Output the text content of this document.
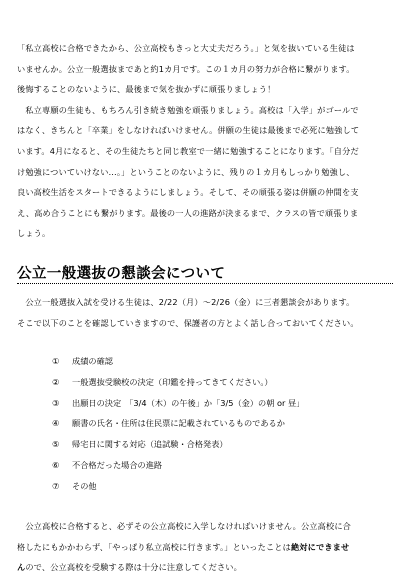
「私立高校に合格できたから、公立高校もきっと大丈夫だろう。」と気を抜いている生徒は
いませんか。公立一般選抜まであと約1カ月です。この１カ月の努力が合格に繋がります。
後悔することのないように、最後まで気を抜かずに頑張りましょう！
　私立専願の生徒も、もちろん引き続き勉強を頑張りましょう。高校は「入学」がゴールで
はなく、きちんと「卒業」をしなければいけません。併願の生徒は最後まで必死に勉強して
います。4月になると、その生徒たちと同じ教室で一緒に勉強することになります。「自分だ
け勉強についていけない…。」ということのないように、残りの１カ月もしっかり勉強し、
良い高校生活をスタートできるようにしましょう。そして、その頑張る姿は併願の仲間を支
え、高め合うことにも繋がります。最後の一人の進路が決まるまで、クラスの皆で頑張りま
しょう。
公立一般選抜の懇談会について
　公立一般選抜入試を受ける生徒は、2/22（月）～2/26（金）に三者懇談会があります。
そこで以下のことを確認していきますので、保護者の方とよく話し合っておいてください。
①	成績の確認
②	一般選抜受験校の決定（印鑑を持ってきてください。）
③	出願日の決定　「3/4（木）の午後」か「3/5（金）の朝 or 昼」
④	願書の氏名・住所は住民票に記載されているものであるか
⑤	帰宅日に関する対応（追試験・合格発表）
⑥	不合格だった場合の進路
⑦	その他
　公立高校に合格すると、必ずその公立高校に入学しなければいけません。公立高校に合
格したにもかかわらず、「やっぱり私立高校に行きます。」といったことは絶対にできませ
んので、公立高校を受験する際は十分に注意してください。
